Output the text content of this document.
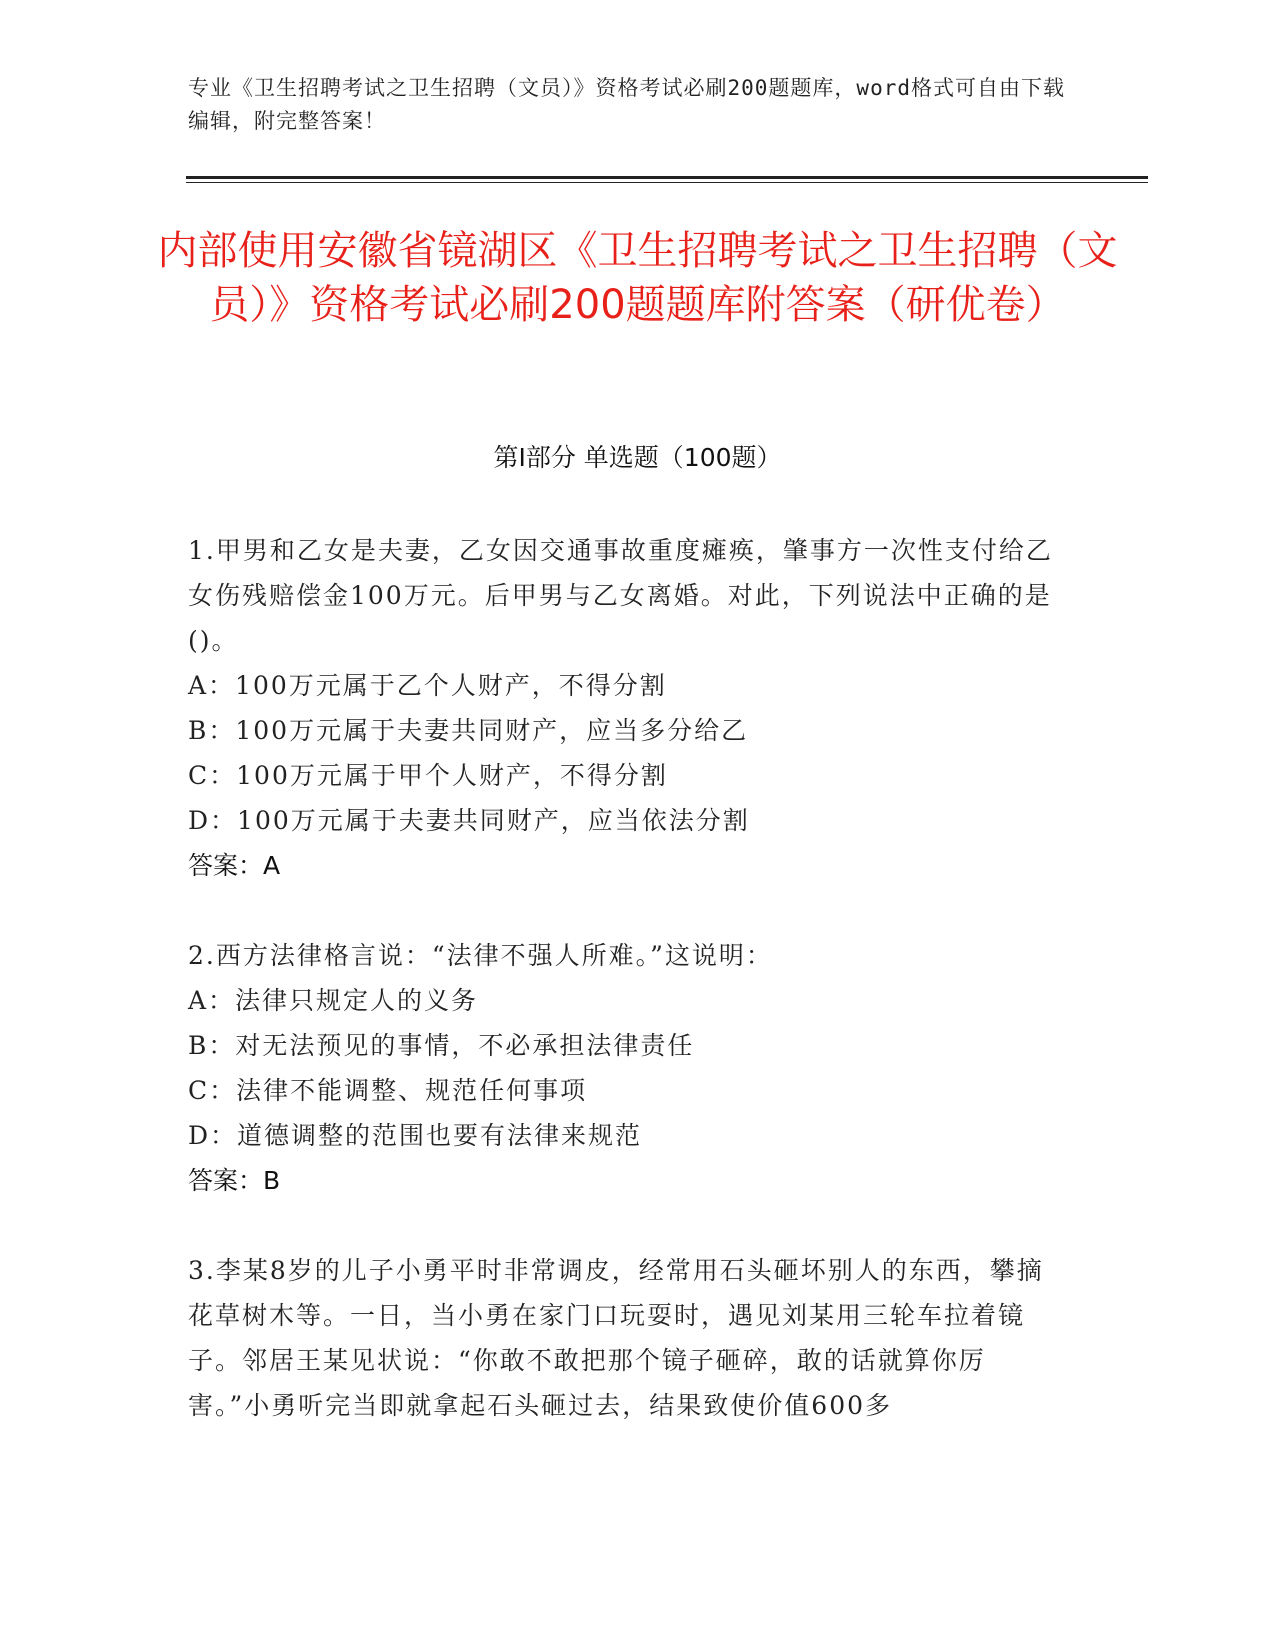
专业《卫生招聘考试之卫生招聘（文员）》资格考试必刷200题题库，word格式可自由下载编辑，附完整答案！
内部使用安徽省镜湖区《卫生招聘考试之卫生招聘（文员）》资格考试必刷200题题库附答案（研优卷）
第Ⅰ部分 单选题（100题）

1.甲男和乙女是夫妻，乙女因交通事故重度瘫痪，肇事方一次性支付给乙女伤残赔偿金100万元。后甲男与乙女离婚。对此，下列说法中正确的是()。

A：100万元属于乙个人财产，不得分割

B：100万元属于夫妻共同财产，应当多分给乙

C：100万元属于甲个人财产，不得分割

D：100万元属于夫妻共同财产，应当依法分割

答案：A

2.西方法律格言说：“法律不强人所难。”这说明：

A：法律只规定人的义务

B：对无法预见的事情，不必承担法律责任

C：法律不能调整、规范任何事项

D：道德调整的范围也要有法律来规范

答案：B

3.李某8岁的儿子小勇平时非常调皮，经常用石头砸坏别人的东西，攀摘花草树木等。一日，当小勇在家门口玩耍时，遇见刘某用三轮车拉着镜子。邻居王某见状说：“你敢不敢把那个镜子砸碎，敢的话就算你厉害。”小勇听完当即就拿起石头砸过去，结果致使价值600多
